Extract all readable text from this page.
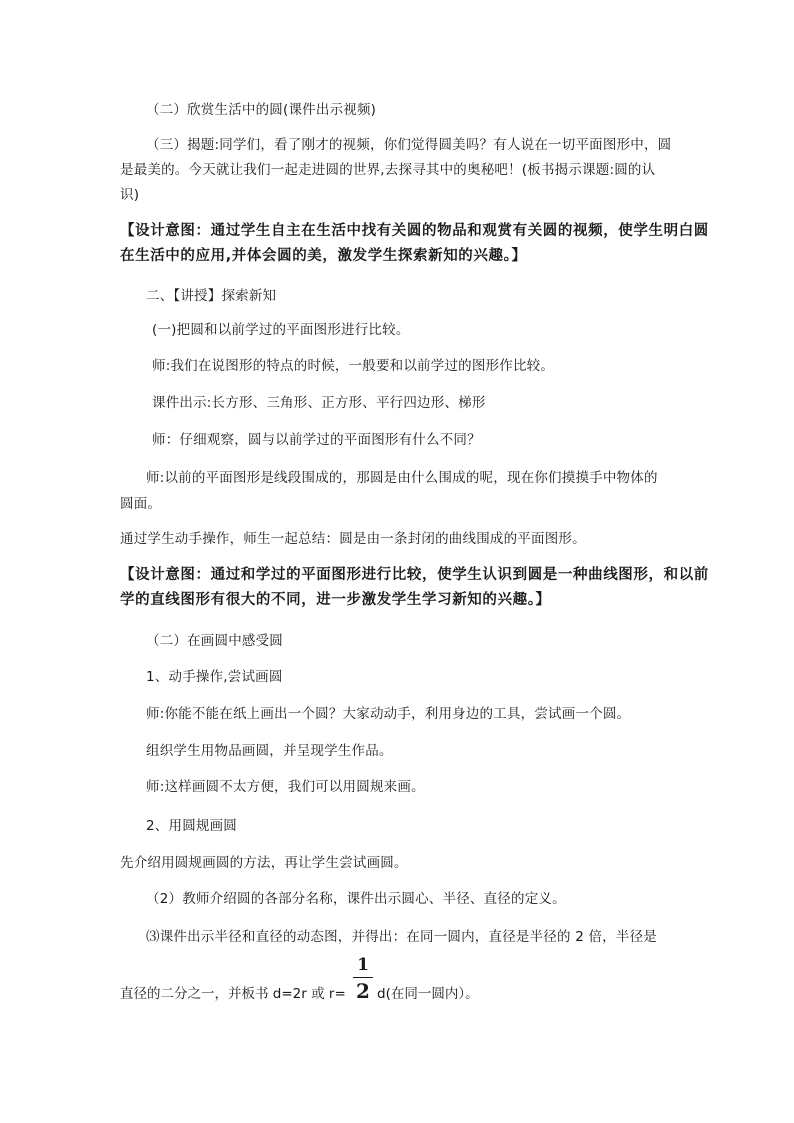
（二）欣赏生活中的圆(课件出示视频)
（三）揭题:同学们，看了刚才的视频，你们觉得圆美吗？有人说在一切平面图形中，圆
是最美的。今天就让我们一起走进圆的世界,去探寻其中的奥秘吧！(板书揭示课题:圆的认
识)
【设计意图：通过学生自主在生活中找有关圆的物品和观赏有关圆的视频，使学生明白圆
在生活中的应用,并体会圆的美，激发学生探索新知的兴趣。】
二、【讲授】探索新知
(一)把圆和以前学过的平面图形进行比较。
师:我们在说图形的特点的时候，一般要和以前学过的图形作比较。
课件出示:长方形、三角形、正方形、平行四边形、梯形
师：仔细观察，圆与以前学过的平面图形有什么不同？
师:以前的平面图形是线段围成的，那圆是由什么围成的呢，现在你们摸摸手中物体的
圆面。
通过学生动手操作，师生一起总结：圆是由一条封闭的曲线围成的平面图形。
【设计意图：通过和学过的平面图形进行比较，使学生认识到圆是一种曲线图形，和以前
学的直线图形有很大的不同，进一步激发学生学习新知的兴趣。】
（二）在画圆中感受圆
1、动手操作,尝试画圆
师:你能不能在纸上画出一个圆？大家动动手，利用身边的工具，尝试画一个圆。
组织学生用物品画圆，并呈现学生作品。
师:这样画圆不太方便，我们可以用圆规来画。
2、用圆规画圆
先介绍用圆规画圆的方法，再让学生尝试画圆。
（2）教师介绍圆的各部分名称，课件出示圆心、半径、直径的定义。
⑶课件出示半径和直径的动态图，并得出：在同一圆内，直径是半径的 2 倍，半径是
直径的二分之一，并板书 d=2r 或 r=
1
2 d(在同一圆内）。
